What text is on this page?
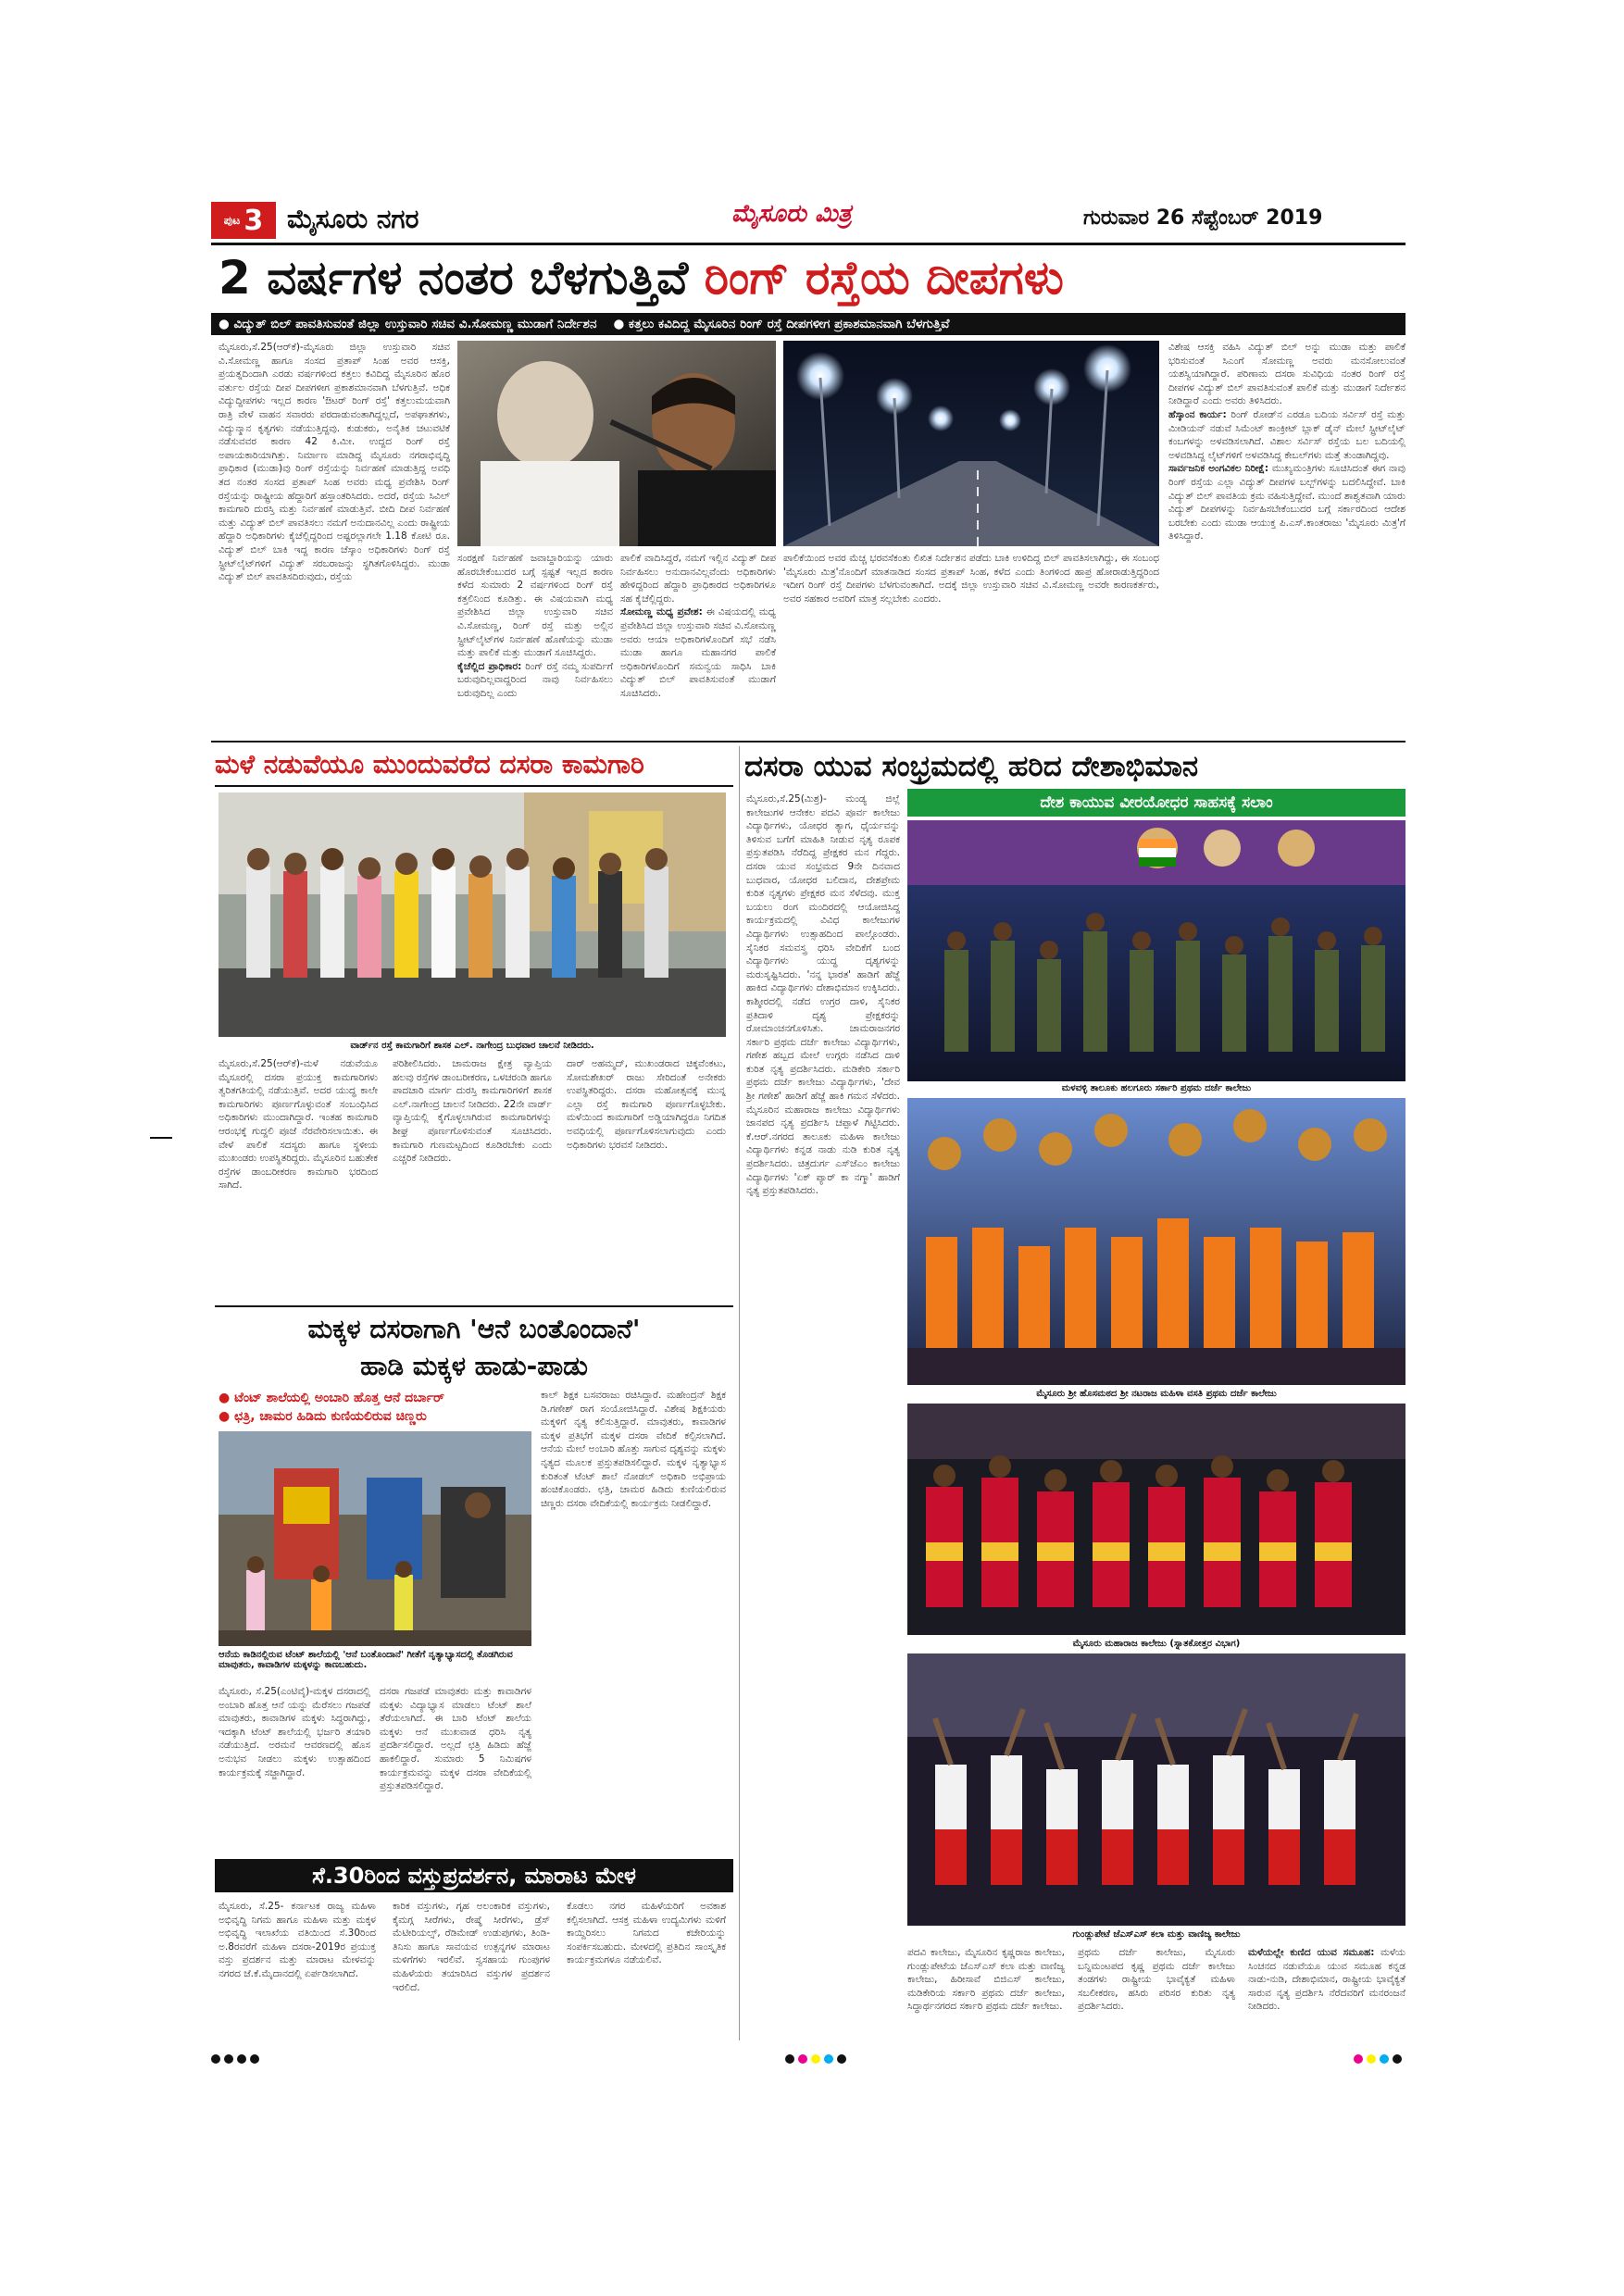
ಪುಟ 3 ಮೈಸೂರು ನಗರ	ಮೈಸೂರು ಮಿತ್ರ	ಗುರುವಾರ 26 ಸೆಪ್ಟೆಂಬರ್ 2019
2 ವರ್ಷಗಳ ನಂತರ ಬೆಳಗುತ್ತಿವೆ ರಿಂಗ್ ರಸ್ತೆಯ ದೀಪಗಳು
● ವಿದ್ಯುತ್ ಬಿಲ್ ಪಾವತಿಸುವಂತೆ ಜಿಲ್ಲಾ ಉಸ್ತುವಾರಿ ಸಚಿವ ವಿ.ಸೋಮಣ್ಣ ಮುಡಾಗೆ ನಿರ್ದೇಶನ ● ಕತ್ತಲು ಕವಿದಿದ್ದ ಮೈಸೂರಿನ ರಿಂಗ್ ರಸ್ತೆ ದೀಪಗಳೀಗ ಪ್ರಕಾಶಮಾನವಾಗಿ ಬೆಳಗುತ್ತಿವೆ

ಮೈಸೂರು,ಸೆ.25(ಆರ್‌ಕೆ)-ಮೈಸೂರು ಜಿಲ್ಲಾ ಉಸ್ತುವಾರಿ ಸಚಿವ ವಿ.ಸೋಮಣ್ಣ ಹಾಗೂ ಸಂಸದ ಪ್ರತಾಪ್ ಸಿಂಹ ಅವರ ಆಸಕ್ತಿ, ಪ್ರಯತ್ನದಿಂದಾಗಿ ಎರಡು ವರ್ಷಗಳಿಂದ ಕತ್ತಲು ಕವಿದಿದ್ದ ಮೈಸೂರಿನ ಹೊರ ವರ್ತುಲ ರಸ್ತೆಯ ದೀಪ ದೀಪಗಳೀಗ ಪ್ರಕಾಶಮಾನವಾಗಿ ಬೆಳಗುತ್ತಿವೆ. ಅಧಿಕ ವಿದ್ಯುದ್ದೀಪಗಳು ಇಲ್ಲದ ಕಾರಣ 'ಔಟರ್ ರಿಂಗ್ ರಸ್ತೆ' ಕತ್ತಲುಮಯವಾಗಿ ರಾತ್ರಿ ವೇಳೆ ವಾಹನ ಸವಾರರು ಪರದಾಡುವಂತಾಗಿದ್ದಲ್ಲದೆ, ಅಪಘಾತಗಳು, ವಿದ್ಯುನ್ಮಾನ ಕೃತ್ಯಗಳು ನಡೆಯುತ್ತಿದ್ದವು. ಕುಡುಕರು, ಅನೈತಿಕ ಚಟುವಟಿಕೆ ನಡೆಸುವವರ ಕಾರಣ 42 ಕಿ.ಮೀ. ಉದ್ದದ ರಿಂಗ್ ರಸ್ತೆ ಅಪಾಯಕಾರಿಯಾಗಿತ್ತು. ನಿರ್ಮಾಣ ಮಾಡಿದ್ದ ಮೈಸೂರು ನಗರಾಭಿವೃದ್ಧಿ ಪ್ರಾಧಿಕಾರ (ಮುಡಾ)ವು ರಿಂಗ್ ರಸ್ತೆಯನ್ನು ನಿರ್ವಹಣೆ ಮಾಡುತ್ತಿದ್ದ ಅವಧಿ ತದ ನಂತರ ಸಂಸದ ಪ್ರತಾಪ್ ಸಿಂಹ ಅವರು ಮಧ್ಯ ಪ್ರವೇಶಿಸಿ ರಿಂಗ್ ರಸ್ತೆಯನ್ನು ರಾಷ್ಟ್ರೀಯ ಹೆದ್ದಾರಿಗೆ ಹಸ್ತಾಂತರಿಸಿದರು. ಅದರೆ, ರಸ್ತೆಯ ಸಿವಿಲ್ ಕಾಮಗಾರಿ ದುರಸ್ತಿ ಮತ್ತು ನಿರ್ವಹಣೆ ಮಾಡುತ್ತಿವೆ. ಬೀದಿ ದೀಪ ನಿರ್ವಹಣೆ ಮತ್ತು ವಿದ್ಯುತ್ ಬಿಲ್ ಪಾವತಿಸಲು ನಮಗೆ ಅನುದಾನವಿಲ್ಲ ಎಂದು ರಾಷ್ಟ್ರೀಯ ಹೆದ್ದಾರಿ ಅಧಿಕಾರಿಗಳು ಕೈಚೆಲ್ಲಿದ್ದರಿಂದ ಅಷ್ಟರಲ್ಲಾಗಲೇ 1.18 ಕೋಟಿ ರೂ. ವಿದ್ಯುತ್ ಬಿಲ್ ಬಾಕಿ ಇದ್ದ ಕಾರಣ ಚೆಸ್ಕಾಂ ಅಧಿಕಾರಿಗಳು ರಿಂಗ್ ರಸ್ತೆ ಸ್ಟ್ರೀಟ್‌ಲೈಟ್‌ಗಳಿಗೆ ವಿದ್ಯುತ್ ಸರಬರಾಜನ್ನು ಸ್ಥಗಿತಗೊಳಿಸಿದ್ದರು. ಮುಡಾ ವಿದ್ಯುತ್ ಬಿಲ್ ಪಾವತಿಸದಿರುವುದು, ರಸ್ತೆಯ

ಸಂರಕ್ಷಣೆ ನಿರ್ವಹಣೆ ಜವಾಬ್ದಾರಿಯನ್ನು ಯಾರು ಹೊರಬೇಕೆಂಬುದರ ಬಗ್ಗೆ ಸ್ಪಷ್ಟತೆ ಇಲ್ಲದ ಕಾರಣ ಕಳೆದ ಸುಮಾರು 2 ವರ್ಷಗಳಿಂದ ರಿಂಗ್ ರಸ್ತೆ ಕತ್ತಲಿನಿಂದ ಕೂಡಿತ್ತು. ಈ ವಿಷಯವಾಗಿ ಮಧ್ಯ ಪ್ರವೇಶಿಸಿದ ಜಿಲ್ಲಾ ಉಸ್ತುವಾರಿ ಸಚಿವ ವಿ.ಸೋಮಣ್ಣ, ರಿಂಗ್ ರಸ್ತೆ ಮತ್ತು ಅಲ್ಲಿನ ಸ್ಟ್ರೀಟ್‌ಲೈಟ್‌ಗಳ ನಿರ್ವಹಣೆ ಹೊಣೆಯನ್ನು ಮುಡಾ ಮತ್ತು ಪಾಲಿಕೆ ಮತ್ತು ಮುಡಾಗೆ ಸೂಚಿಸಿದ್ದರು.

ಕೈಚೆಲ್ಲಿದ ಪ್ರಾಧಿಕಾರ: ರಿಂಗ್ ರಸ್ತೆ ನಮ್ಮ ಸುಪರ್ದಿಗೆ ಬರುವುದಿಲ್ಲವಾದ್ದರಿಂದ ನಾವು ನಿರ್ವಹಿಸಲು ಬರುವುದಿಲ್ಲ ಎಂದು

ಪಾಲಿಕೆ ವಾದಿಸಿದ್ದರೆ, ನಮಗೆ ಇಲ್ಲಿನ ವಿದ್ಯುತ್ ದೀಪ ನಿರ್ವಹಿಸಲು ಅನುದಾನವಿಲ್ಲವೆಂದು ಅಧಿಕಾರಿಗಳು ಹೇಳಿದ್ದರಿಂದ ಹೆದ್ದಾರಿ ಪ್ರಾಧಿಕಾರದ ಅಧಿಕಾರಿಗಳೂ ಸಹ ಕೈಚೆಲ್ಲಿದ್ದರು.

ಸೋಮಣ್ಣ ಮಧ್ಯ ಪ್ರವೇಶ: ಈ ವಿಷಯದಲ್ಲಿ ಮಧ್ಯ ಪ್ರವೇಶಿಸಿದ ಜಿಲ್ಲಾ ಉಸ್ತುವಾರಿ ಸಚಿವ ವಿ.ಸೋಮಣ್ಣ ಅವರು ಆಯಾ ಅಧಿಕಾರಿಗಳೊಂದಿಗೆ ಸಭೆ ನಡೆಸಿ ಮುಡಾ ಹಾಗೂ ಮಹಾನಗರ ಪಾಲಿಕೆ ಅಧಿಕಾರಿಗಳೊಂದಿಗೆ ಸಮನ್ವಯ ಸಾಧಿಸಿ ಬಾಕಿ ವಿದ್ಯುತ್ ಬಿಲ್ ಪಾವತಿಸುವಂತೆ ಮುಡಾಗೆ ಸೂಚಿಸಿದರು.

ಪಾಲಿಕೆಯಿಂದ ಅವರ ಮೆಚ್ಚ ಭರವಸೆಕಂತು ಲಿಖಿತ ನಿರ್ದೇಶನ ಪಡೆದು ಬಾಕಿ ಉಳಿದಿದ್ದ ಬಿಲ್ ಪಾವತಿಸಲಾಗಿದ್ದು, ಈ ಸಂಬಂಧ 'ಮೈಸೂರು ಮಿತ್ರ'ನೊಂದಿಗೆ ಮಾತನಾಡಿದ ಸಂಸದ ಪ್ರತಾಪ್ ಸಿಂಹ, ಕಳೆದ ಎಂದು ತಿಂಗಳಿಂದ ಹಾಪ್ರ ಹೋರಾಡುತ್ತಿದ್ದರಿಂದ ಇದೀಗ ರಿಂಗ್ ರಸ್ತೆ ದೀಪಗಳು ಬೆಳಗುವಂತಾಗಿದೆ. ಅದಕ್ಕೆ ಜಿಲ್ಲಾ ಉಸ್ತುವಾರಿ ಸಚಿವ ವಿ.ಸೋಮಣ್ಣ ಅವರೇ ಕಾರಣಕರ್ತರು, ಅವರ ಸಹಕಾರ ಅವರಿಗೆ ಮಾತ್ರ ಸಲ್ಲಬೇಕು ಎಂದರು.

ವಿಶೇಷ ಆಸಕ್ತಿ ವಹಿಸಿ ವಿದ್ಯುತ್ ಬಿಲ್ ಅನ್ನು ಮುಡಾ ಮತ್ತು ಪಾಲಿಕೆ ಭರಿಸುವಂತೆ ಸಿಎಂಗೆ ಸೋಮಣ್ಣ ಅವರು ಮನಸೋಲುವಂತೆ ಯಶಸ್ವಿಯಾಗಿದ್ದಾರೆ. ಪರಿಣಾಮ ದಸರಾ ಸುವಿಧಿಯ ನಂತರ ರಿಂಗ್ ರಸ್ತೆ ದೀಪಗಳ ವಿದ್ಯುತ್ ಬಿಲ್ ಪಾವತಿಸುವಂತೆ ಪಾಲಿಕೆ ಮತ್ತು ಮುಡಾಗೆ ನಿರ್ದೇಶನ ನೀಡಿದ್ದಾರೆ ಎಂದು ಅವರು ತಿಳಿಸಿದರು.

ಹೆಸ್ಕಾಂನ ಕಾರ್ಯ: ರಿಂಗ್ ರೋಡ್‌ನ ಎರಡೂ ಬದಿಯ ಸರ್ವಿಸ್ ರಸ್ತೆ ಮತ್ತು ಮೀಡಿಯನ್ ನಡುವೆ ಸಿಮೆಂಟ್ ಕಾಂಕ್ರೀಟ್ ಬ್ಲಾಕ್ ಡೈನ್ ಮೇಲೆ ಸ್ಟ್ರೀಟ್‌ಲೈಟ್ ಕಂಬಗಳನ್ನು ಅಳವಡಿಸಲಾಗಿದೆ. ವಿಶಾಲ ಸರ್ವಿಸ್ ರಸ್ತೆಯ ಬಲ ಬದಿಯಲ್ಲಿ ಅಳವಡಿಸಿದ್ದ ಲೈಟ್‌ಗಳಿಗೆ ಅಳವಡಿಸಿದ್ದ ಕೇಬಲ್‌ಗಳು ಮತ್ತೆ ತುಂಡಾಗಿದ್ದವು.

ಸಾರ್ವಜನಿಕ ಅಂಗವಿಕಲ ನಿರೀಕ್ಷೆ: ಮುಖ್ಯಮಂತ್ರಿಗಳು ಸೂಚಿಸಿದಂತೆ ಈಗ ನಾವು ರಿಂಗ್ ರಸ್ತೆಯ ಎಲ್ಲಾ ವಿದ್ಯುತ್ ದೀಪಗಳ ಬಲ್ಬ್‌ಗಳನ್ನು ಬದಲಿಸಿದ್ದೇವೆ. ಬಾಕಿ ವಿದ್ಯುತ್ ಬಿಲ್ ಪಾವತಿಯ ಕ್ರಮ ವಹಿಸುತ್ತಿದ್ದೇವೆ. ಮುಂದೆ ಶಾಶ್ವತವಾಗಿ ಯಾರು ವಿದ್ಯುತ್ ದೀಪಗಳನ್ನು ನಿರ್ವಹಿಸಬೇಕೆಂಬುದರ ಬಗ್ಗೆ ಸರ್ಕಾರದಿಂದ ಆದೇಶ ಬರಬೇಕು ಎಂದು ಮುಡಾ ಆಯುಕ್ತ ಪಿ.ಎಸ್.ಕಾಂತರಾಜು 'ಮೈಸೂರು ಮಿತ್ರ'ಗೆ ತಿಳಿಸಿದ್ದಾರೆ.

ಮಳೆ ನಡುವೆಯೂ ಮುಂದುವರೆದ ದಸರಾ ಕಾಮಗಾರಿ
ವಾರ್ಡ್‌ನ ರಸ್ತೆ ಕಾಮಗಾರಿಗೆ ಶಾಸಕ ಎಲ್. ನಾಗೇಂದ್ರ ಬುಧವಾರ ಚಾಲನೆ ನೀಡಿದರು.

ಮೈಸೂರು,ಸೆ.25(ಆರ್‌ಕೆ)-ಮಳೆ ನಡುವೆಯೂ ಮೈಸೂರಲ್ಲಿ ದಸರಾ ಪ್ರಯುಕ್ತ ಕಾಮಗಾರಿಗಳು ತ್ವರಿತಗತಿಯಲ್ಲಿ ನಡೆಯುತ್ತಿವೆ. ಅದರ ಯುದ್ಧ ಕಾಲೇ ಕಾಮಗಾರಿಗಳು ಪೂರ್ಣಗೊಳ್ಳುವಂತೆ ಸಂಬಂಧಿಸಿದ ಅಧಿಕಾರಿಗಳು ಮುಂದಾಗಿದ್ದಾರೆ. ಇಂತಹ ಕಾಮಗಾರಿ ಆರಂಭಕ್ಕೆ ಗುದ್ದಲಿ ಪೂಜೆ ನೆರವೇರಿಸಲಾಯಿತು. ಈ ವೇಳೆ ಪಾಲಿಕೆ ಸದಸ್ಯರು ಹಾಗೂ ಸ್ಥಳೀಯ ಮುಖಂಡರು ಉಪಸ್ಥಿತರಿದ್ದರು. ಮೈಸೂರಿನ ಬಹುತೇಕ ರಸ್ತೆಗಳ ಡಾಂಬರೀಕರಣ ಕಾಮಗಾರಿ ಭರದಿಂದ ಸಾಗಿದೆ.

ಪರಿಶೀಲಿಸಿದರು. ಚಾಮರಾಜ ಕ್ಷೇತ್ರ ವ್ಯಾಪ್ತಿಯ ಹಲವು ರಸ್ತೆಗಳ ಡಾಂಬರೀಕರಣ, ಒಳಚರಂಡಿ ಹಾಗೂ ಪಾದಚಾರಿ ಮಾರ್ಗ ದುರಸ್ತಿ ಕಾಮಗಾರಿಗಳಿಗೆ ಶಾಸಕ ಎಲ್.ನಾಗೇಂದ್ರ ಚಾಲನೆ ನೀಡಿದರು. 22ನೇ ವಾರ್ಡ್ ವ್ಯಾಪ್ತಿಯಲ್ಲಿ ಕೈಗೊಳ್ಳಲಾಗಿರುವ ಕಾಮಗಾರಿಗಳನ್ನು ಶೀಘ್ರ ಪೂರ್ಣಗೊಳಿಸುವಂತೆ ಸೂಚಿಸಿದರು. ಕಾಮಗಾರಿ ಗುಣಮಟ್ಟದಿಂದ ಕೂಡಿರಬೇಕು ಎಂದು ಎಚ್ಚರಿಕೆ ನೀಡಿದರು.

ದಾರ್ ಅಹಮ್ಮದ್, ಮುಖಂಡರಾದ ಚಿಕ್ಕವೆಂಕಟು, ಸೋಮಶೇಖರ್ ರಾಜು ಸೇರಿದಂತೆ ಅನೇಕರು ಉಪಸ್ಥಿತರಿದ್ದರು. ದಸರಾ ಮಹೋತ್ಸವಕ್ಕೆ ಮುನ್ನ ಎಲ್ಲಾ ರಸ್ತೆ ಕಾಮಗಾರಿ ಪೂರ್ಣಗೊಳ್ಳಬೇಕು. ಮಳೆಯಿಂದ ಕಾಮಗಾರಿಗೆ ಅಡ್ಡಿಯಾಗಿದ್ದರೂ ನಿಗದಿತ ಅವಧಿಯಲ್ಲಿ ಪೂರ್ಣಗೊಳಿಸಲಾಗುವುದು ಎಂದು ಅಧಿಕಾರಿಗಳು ಭರವಸೆ ನೀಡಿದರು.

ಮಕ್ಕಳ ದಸರಾಗಾಗಿ 'ಆನೆ ಬಂತೊಂದಾನೆ'
ಹಾಡಿ ಮಕ್ಕಳ ಹಾಡು-ಪಾಡು
● ಟೆಂಟ್ ಶಾಲೆಯಲ್ಲಿ ಅಂಬಾರಿ ಹೊತ್ತ ಆನೆ ದರ್ಬಾರ್
● ಛತ್ರಿ, ಚಾಮರ ಹಿಡಿದು ಕುಣಿಯಲಿರುವ ಚಿಣ್ಣರು

ಕಾಲ್ ಶಿಕ್ಷಕ ಬಸವರಾಜು ರಚಿಸಿದ್ದಾರೆ. ಮಹೇಂದ್ರನ್ ಶಿಕ್ಷಕ ಡಿ.ಗಣೇಶ್ ರಾಗ ಸಂಯೋಜಿಸಿದ್ದಾರೆ. ವಿಶೇಷ ಶಿಕ್ಷಕಿಯರು ಮಕ್ಕಳಿಗೆ ನೃತ್ಯ ಕಲಿಸುತ್ತಿದ್ದಾರೆ. ಮಾವುತರು, ಕಾವಾಡಿಗಳ ಮಕ್ಕಳ ಪ್ರತಿಭೆಗೆ ಮಕ್ಕಳ ದಸರಾ ವೇದಿಕೆ ಕಲ್ಪಿಸಲಾಗಿದೆ. ಆನೆಯ ಮೇಲೆ ಅಂಬಾರಿ ಹೊತ್ತು ಸಾಗುವ ದೃಶ್ಯವನ್ನು ಮಕ್ಕಳು ನೃತ್ಯದ ಮೂಲಕ ಪ್ರಸ್ತುತಪಡಿಸಲಿದ್ದಾರೆ. ಮಕ್ಕಳ ನೃತ್ಯಾಭ್ಯಾಸ ಕುರಿತಂತೆ ಟೆಂಟ್ ಶಾಲೆ ನೋಡಲ್ ಅಧಿಕಾರಿ ಅಭಿಪ್ರಾಯ ಹಂಚಿಕೊಂಡರು. ಛತ್ರಿ, ಚಾಮರ ಹಿಡಿದು ಕುಣಿಯಲಿರುವ ಚಿಣ್ಣರು ದಸರಾ ವೇದಿಕೆಯಲ್ಲಿ ಕಾರ್ಯಕ್ರಮ ನೀಡಲಿದ್ದಾರೆ.

ಆನೆಯ ಕಾಡಿನಲ್ಲಿರುವ ಟೆಂಟ್ ಶಾಲೆಯಲ್ಲಿ 'ಆನೆ ಬಂತೊಂದಾನೆ' ಗೀತೆಗೆ ನೃತ್ಯಾಭ್ಯಾಸದಲ್ಲಿ ತೊಡಗಿರುವ ಮಾವುತರು, ಕಾವಾಡಿಗಳ ಮಕ್ಕಳನ್ನು ಕಾಣಬಹುದು.

ಮೈಸೂರು, ಸೆ.25(ಎಂಟಿವೈ)-ಮಕ್ಕಳ ದಸರಾದಲ್ಲಿ ಅಂಬಾರಿ ಹೊತ್ತ ಆನೆ ಯನ್ನು ಮೆರೆಸಲು ಗಜಪಡೆ ಮಾವುತರು, ಕಾವಾಡಿಗಳ ಮಕ್ಕಳು ಸಿದ್ಧರಾಗಿದ್ದು, ಇದಕ್ಕಾಗಿ ಟೆಂಟ್ ಶಾಲೆಯಲ್ಲಿ ಭರ್ಜರಿ ತಯಾರಿ ನಡೆಯುತ್ತಿದೆ. ಅರಮನೆ ಆವರಣದಲ್ಲಿ ಹೊಸ ಅನುಭವ ನೀಡಲು ಮಕ್ಕಳು ಉತ್ಸಾಹದಿಂದ ಕಾರ್ಯಕ್ರಮಕ್ಕೆ ಸಜ್ಜಾಗಿದ್ದಾರೆ.

ದಸರಾ ಗಜಪಡೆ ಮಾವುತರು ಮತ್ತು ಕಾವಾಡಿಗಳ ಮಕ್ಕಳು ವಿದ್ಯಾಭ್ಯಾಸ ಮಾಡಲು ಟೆಂಟ್ ಶಾಲೆ ತೆರೆಯಲಾಗಿದೆ. ಈ ಬಾರಿ ಟೆಂಟ್ ಶಾಲೆಯ ಮಕ್ಕಳು ಆನೆ ಮುಖವಾಡ ಧರಿಸಿ ನೃತ್ಯ ಪ್ರದರ್ಶಿಸಲಿದ್ದಾರೆ. ಅಲ್ಲದೆ ಛತ್ರಿ ಹಿಡಿದು ಹೆಜ್ಜೆ ಹಾಕಲಿದ್ದಾರೆ. ಸುಮಾರು 5 ನಿಮಿಷಗಳ ಕಾರ್ಯಕ್ರಮವನ್ನು ಮಕ್ಕಳ ದಸರಾ ವೇದಿಕೆಯಲ್ಲಿ ಪ್ರಸ್ತುತಪಡಿಸಲಿದ್ದಾರೆ.

ಸೆ.30ರಿಂದ ವಸ್ತುಪ್ರದರ್ಶನ, ಮಾರಾಟ ಮೇಳ

ಮೈಸೂರು, ಸೆ.25- ಕರ್ನಾಟಕ ರಾಜ್ಯ ಮಹಿಳಾ ಅಭಿವೃದ್ಧಿ ನಿಗಮ ಹಾಗೂ ಮಹಿಳಾ ಮತ್ತು ಮಕ್ಕಳ ಅಭಿವೃದ್ಧಿ ಇಲಾಖೆಯ ವತಿಯಿಂದ ಸೆ.30ರಿಂದ ಅ.8ರವರೆಗೆ ಮಹಿಳಾ ದಸರಾ-2019ರ ಪ್ರಯುಕ್ತ ವಸ್ತು ಪ್ರದರ್ಶನ ಮತ್ತು ಮಾರಾಟ ಮೇಳವನ್ನು ನಗರದ ಜೆ.ಕೆ.ಮೈದಾನದಲ್ಲಿ ಏರ್ಪಡಿಸಲಾಗಿದೆ.

ಕಾರಿಕ ವಸ್ತುಗಳು, ಗೃಹ ಅಲಂಕಾರಿಕ ವಸ್ತುಗಳು, ಕೈಮಗ್ಗ ಸೀರೆಗಳು, ರೇಷ್ಮೆ ಸೀರೆಗಳು, ಡ್ರೆಸ್ ಮೆಟೀರಿಯಲ್ಸ್, ರೆಡಿಮೇಡ್ ಉಡುಪುಗಳು, ತಿಂಡಿ-ತಿನಿಸು ಹಾಗೂ ಸಾವಯವ ಉತ್ಪನ್ನಗಳ ಮಾರಾಟ ಮಳಿಗೆಗಳು ಇರಲಿವೆ. ಸ್ವಸಹಾಯ ಗುಂಪುಗಳ ಮಹಿಳೆಯರು ತಯಾರಿಸಿದ ವಸ್ತುಗಳ ಪ್ರದರ್ಶನ ಇರಲಿದೆ.

ಕೊಡಲು ನಗರ ಮಹಿಳೆಯರಿಗೆ ಅವಕಾಶ ಕಲ್ಪಿಸಲಾಗಿದೆ. ಆಸಕ್ತ ಮಹಿಳಾ ಉದ್ಯಮಿಗಳು ಮಳಿಗೆ ಕಾಯ್ದಿರಿಸಲು ನಿಗಮದ ಕಚೇರಿಯನ್ನು ಸಂಪರ್ಕಿಸಬಹುದು. ಮೇಳದಲ್ಲಿ ಪ್ರತಿದಿನ ಸಾಂಸ್ಕೃತಿಕ ಕಾರ್ಯಕ್ರಮಗಳೂ ನಡೆಯಲಿವೆ.

ದಸರಾ ಯುವ ಸಂಭ್ರಮದಲ್ಲಿ ಹರಿದ ದೇಶಾಭಿಮಾನ
ದೇಶ ಕಾಯುವ ವೀರಯೋಧರ ಸಾಹಸಕ್ಕೆ ಸಲಾಂ

ಮೈಸೂರು,ಸೆ.25(ಮಿಶ್ರ)- ಮಂಡ್ಯ ಜಿಲ್ಲೆ ಕಾಲೇಜುಗಳ ಆನೇಕಲ ಪದವಿ ಪೂರ್ವ ಕಾಲೇಜು ವಿದ್ಯಾರ್ಥಿಗಳು, ಯೋಧರ ತ್ಯಾಗ, ಧೈರ್ಯವನ್ನು ತಿಳಿಸುವ ಬಗೆಗೆ ಮಾಹಿತಿ ನೀಡುವ ನೃತ್ಯ ರೂಪಕ ಪ್ರಸ್ತುತಪಡಿಸಿ ನೆರೆದಿದ್ದ ಪ್ರೇಕ್ಷಕರ ಮನ ಗೆದ್ದರು. ದಸರಾ ಯುವ ಸಂಭ್ರಮದ 9ನೇ ದಿನವಾದ ಬುಧವಾರ, ಯೋಧರ ಬಲಿದಾನ, ದೇಶಪ್ರೇಮ ಕುರಿತ ನೃತ್ಯಗಳು ಪ್ರೇಕ್ಷಕರ ಮನ ಸೆಳೆದವು. ಮುಕ್ತ ಬಯಲು ರಂಗ ಮಂದಿರದಲ್ಲಿ ಆಯೋಜಿಸಿದ್ದ ಕಾರ್ಯಕ್ರಮದಲ್ಲಿ ವಿವಿಧ ಕಾಲೇಜುಗಳ ವಿದ್ಯಾರ್ಥಿಗಳು ಉತ್ಸಾಹದಿಂದ ಪಾಲ್ಗೊಂಡರು. ಸೈನಿಕರ ಸಮವಸ್ತ್ರ ಧರಿಸಿ ವೇದಿಕೆಗೆ ಬಂದ ವಿದ್ಯಾರ್ಥಿಗಳು ಯುದ್ಧ ದೃಶ್ಯಗಳನ್ನು ಮರುಸೃಷ್ಟಿಸಿದರು. 'ನನ್ನ ಭಾರತ' ಹಾಡಿಗೆ ಹೆಜ್ಜೆ ಹಾಕಿದ ವಿದ್ಯಾರ್ಥಿಗಳು ದೇಶಾಭಿಮಾನ ಉಕ್ಕಿಸಿದರು. ಕಾಶ್ಮೀರದಲ್ಲಿ ನಡೆದ ಉಗ್ರರ ದಾಳಿ, ಸೈನಿಕರ ಪ್ರತಿದಾಳಿ ದೃಶ್ಯ ಪ್ರೇಕ್ಷಕರನ್ನು ರೋಮಾಂಚನಗೊಳಿಸಿತು. ಚಾಮರಾಜನಗರ ಸರ್ಕಾರಿ ಪ್ರಥಮ ದರ್ಜೆ ಕಾಲೇಜು ವಿದ್ಯಾರ್ಥಿಗಳು, ಗಣೇಶ ಹಬ್ಬದ ಮೇಲೆ ಉಗ್ಗರು ನಡೆಸಿದ ದಾಳಿ ಕುರಿತ ನೃತ್ಯ ಪ್ರದರ್ಶಿಸಿದರು. ಮಡಿಕೇರಿ ಸರ್ಕಾರಿ ಪ್ರಥಮ ದರ್ಜೆ ಕಾಲೇಜು ವಿದ್ಯಾರ್ಥಿಗಳು, 'ದೇವ ಶ್ರೀ ಗಣೇಶ' ಹಾಡಿಗೆ ಹೆಜ್ಜೆ ಹಾಕಿ ಗಮನ ಸೆಳೆದರು. ಮೈಸೂರಿನ ಮಹಾರಾಜ ಕಾಲೇಜು ವಿದ್ಯಾರ್ಥಿಗಳು ಜಾನಪದ ನೃತ್ಯ ಪ್ರದರ್ಶಿಸಿ ಚಪ್ಪಾಳೆ ಗಿಟ್ಟಿಸಿದರು. ಕೆ.ಆರ್.ನಗರದ ತಾಲೂಕು ಮಹಿಳಾ ಕಾಲೇಜು ವಿದ್ಯಾರ್ಥಿಗಳು ಕನ್ನಡ ನಾಡು ನುಡಿ ಕುರಿತ ನೃತ್ಯ ಪ್ರದರ್ಶಿಸಿದರು. ಚಿತ್ರದುರ್ಗ ಎಸ್‌ಜೆಎಂ ಕಾಲೇಜು ವಿದ್ಯಾರ್ಥಿಗಳು 'ಏಕ್ ಪ್ಯಾರ್ ಕಾ ನಗ್ಮಾ' ಹಾಡಿಗೆ ನೃತ್ಯ ಪ್ರಸ್ತುತಪಡಿಸಿದರು.

ಮಳವಳ್ಳಿ ತಾಲೂಕು ಹಲಗೂರು ಸರ್ಕಾರಿ ಪ್ರಥಮ ದರ್ಜೆ ಕಾಲೇಜು
ಮೈಸೂರು ಶ್ರೀ ಹೊಸಮಠದ ಶ್ರೀ ನಟರಾಜ ಮಹಿಳಾ ವಸತಿ ಪ್ರಥಮ ದರ್ಜೆ ಕಾಲೇಜು
ಮೈಸೂರು ಮಹಾರಾಜ ಕಾಲೇಜು (ಸ್ನಾತಕೋತ್ತರ ವಿಭಾಗ)
ಗುಂಡ್ಲುಪೇಟೆ ಜೆಎಸ್‌ಎಸ್ ಕಲಾ ಮತ್ತು ವಾಣಿಜ್ಯ ಕಾಲೇಜು

ಪದವಿ ಕಾಲೇಜು, ಮೈಸೂರಿನ ಕೃಷ್ಣರಾಜ ಕಾಲೇಜು, ಗುಂಡ್ಲುಪೇಟೆಯ ಜೆಎಸ್‌ಎಸ್ ಕಲಾ ಮತ್ತು ವಾಣಿಜ್ಯ ಕಾಲೇಜು, ಹಿರೀಸಾವೆ ಬಿಜಿಎಸ್ ಕಾಲೇಜು, ಮಡಿಕೇರಿಯ ಸರ್ಕಾರಿ ಪ್ರಥಮ ದರ್ಜೆ ಕಾಲೇಜು, ಸಿದ್ಧಾರ್ಥನಗರದ ಸರ್ಕಾರಿ ಪ್ರಥಮ ದರ್ಜೆ ಕಾಲೇಜು.

ಪ್ರಥಮ ದರ್ಜೆ ಕಾಲೇಜು, ಮೈಸೂರು ಬನ್ನಿಮಂಟಪದ ಕೃಷ್ಣ ಪ್ರಥಮ ದರ್ಜೆ ಕಾಲೇಜು ತಂಡಗಳು ರಾಷ್ಟ್ರೀಯ ಭಾವೈಕ್ಯತೆ ಮಹಿಳಾ ಸಬಲೀಕರಣ, ಹಸಿರು ಪರಿಸರ ಕುರಿತು ನೃತ್ಯ ಪ್ರದರ್ಶಿಸಿದರು.

ಮಳೆಯಲ್ಲೇ ಕುಣಿದ ಯುವ ಸಮೂಹ: ಮಳೆಯ ಸಿಂಚನದ ನಡುವೆಯೂ ಯುವ ಸಮೂಹ ಕನ್ನಡ ನಾಡು-ನುಡಿ, ದೇಶಾಭಿಮಾನ, ರಾಷ್ಟ್ರೀಯ ಭಾವೈಕ್ಯತೆ ಸಾರುವ ನೃತ್ಯ ಪ್ರದರ್ಶಿಸಿ ನೆರೆದವರಿಗೆ ಮನರಂಜನೆ ನೀಡಿದರು.
